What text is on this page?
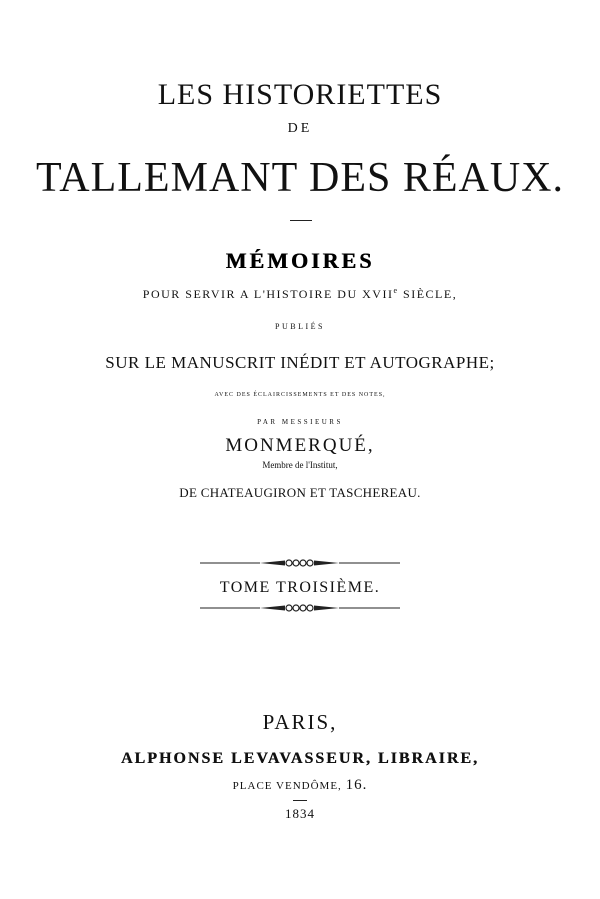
LES HISTORIETTES
DE
TALLEMANT DES RÉAUX.
MÉMOIRES
POUR SERVIR A L'HISTOIRE DU XVIIe SIÈCLE,
PUBLIÉS
SUR LE MANUSCRIT INÉDIT ET AUTOGRAPHE;
AVEC DES ÉCLAIRCISSEMENTS ET DES NOTES,
PAR MESSIEURS
MONMERQUÉ,
Membre de l'Institut,
DE CHATEAUGIRON ET TASCHEREAU.
TOME TROISIÈME.
PARIS,
ALPHONSE LEVAVASSEUR, LIBRAIRE,
PLACE VENDÔME, 16.
1834
